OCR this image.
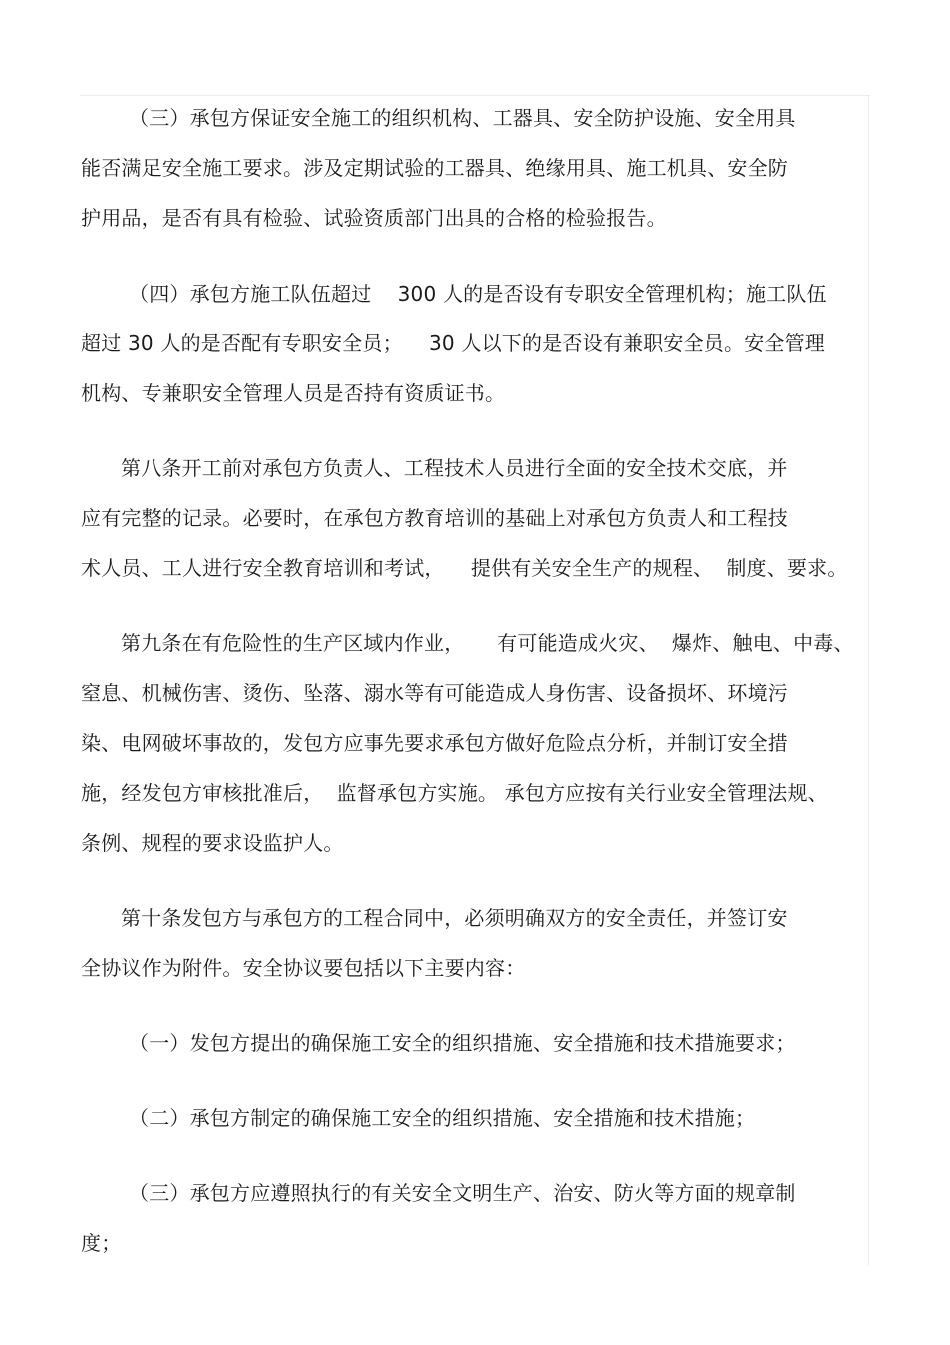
（三）承包方保证安全施工的组织机构、工器具、安全防护设施、安全用具
能否满足安全施工要求。涉及定期试验的工器具、绝缘用具、施工机具、安全防
护用品，是否有具有检验、试验资质部门出具的合格的检验报告。
（四）承包方施工队伍超过    300 人的是否设有专职安全管理机构；施工队伍
超过 30 人的是否配有专职安全员；    30 人以下的是否设有兼职安全员。安全管理
机构、专兼职安全管理人员是否持有资质证书。
第八条开工前对承包方负责人、工程技术人员进行全面的安全技术交底，并
应有完整的记录。必要时，在承包方教育培训的基础上对承包方负责人和工程技
术人员、工人进行安全教育培训和考试，    提供有关安全生产的规程、  制度、要求。
第九条在有危险性的生产区域内作业，     有可能造成火灾、  爆炸、触电、中毒、
窒息、机械伤害、烫伤、坠落、溺水等有可能造成人身伤害、设备损坏、环境污
染、电网破坏事故的，发包方应事先要求承包方做好危险点分析，并制订安全措
施，经发包方审核批准后，  监督承包方实施。 承包方应按有关行业安全管理法规、
条例、规程的要求设监护人。
第十条发包方与承包方的工程合同中，必须明确双方的安全责任，并签订安
全协议作为附件。安全协议要包括以下主要内容：
（一）发包方提出的确保施工安全的组织措施、安全措施和技术措施要求；
（二）承包方制定的确保施工安全的组织措施、安全措施和技术措施；
（三）承包方应遵照执行的有关安全文明生产、治安、防火等方面的规章制
度；
